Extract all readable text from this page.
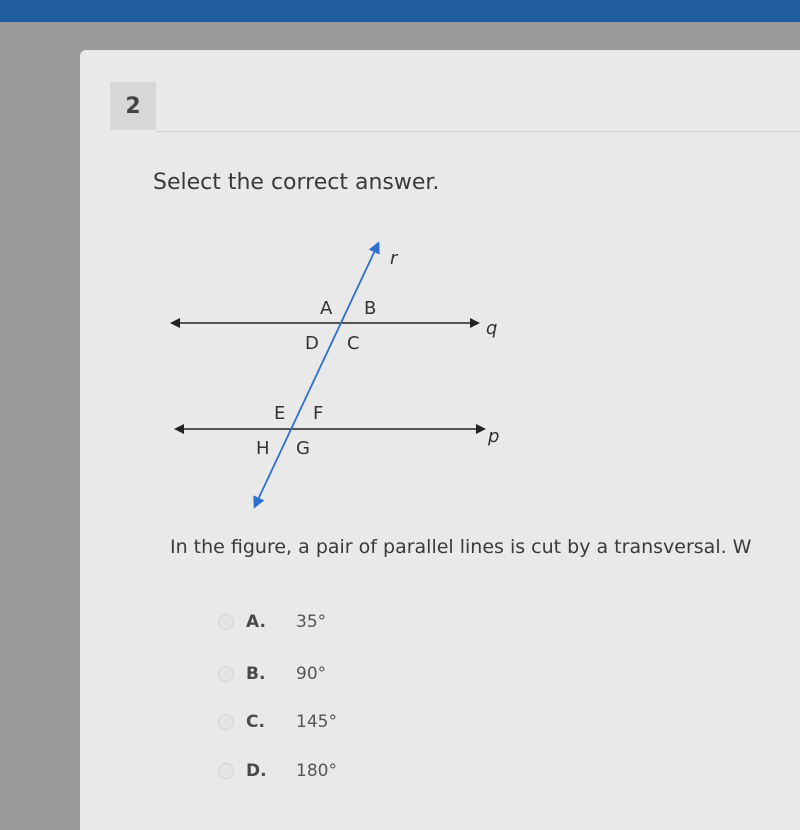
2
Select the correct answer.
r
q
p
A B
C
D
E F
G
H
In the figure, a pair of parallel lines is cut by a transversal. W
A.	35°
B.	90°
C.	145°
D.	180°
